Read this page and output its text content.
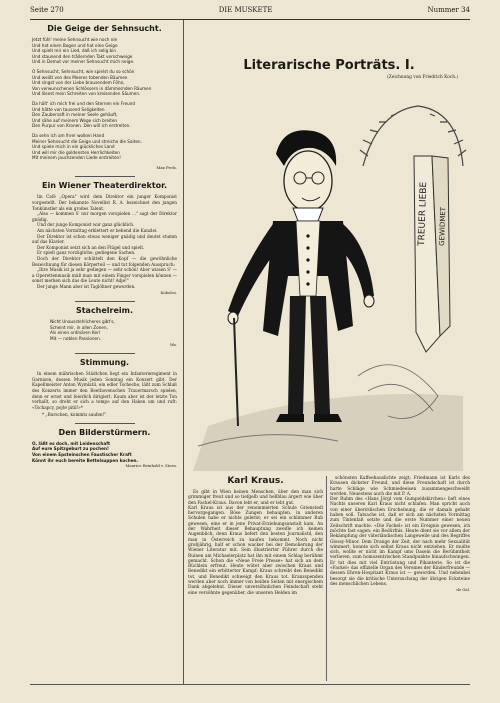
Seite 270	DIE MUSKETE	Nummer 34
Die Geige der Sehnsucht.
Jetzt fühl' meine Sehnsucht wie noch nie
Und hat einen Bogen und hat eine Geige
Und spielt mir ein Lied, daß ich selig bin
Und staunend den trällernden Takt verschweige
Und in Demut vor meiner Sehnsucht mich neige.
O Sehnsucht, Sehnsucht, wie spielst du so schön
Und weißt von des Meeres tobenden Bäumen
Und singst von der Liebe brausendem Föhn,
Von verwunschenen Schlössern in dämmernden Räumen
Und lösest mein Schreiten von kreisenden Säumen.
Da hält' ich mich frei und den Sternen ein Freund
Und hätte von tausend Seligkeiten
Den Zaubersaft in meiner Seele gehäuft,
Und sähe auf meinem Wege sich breiten
Den Purpur von Kronen. Den will ich erstreiten.
Da sehn ich am Ihrer wolken Hand
Meiner Sehnsucht die Geige und streiche die Saiten.
Und spiele mich in ein glückliches Land
Und will mir die goldensten Herrlichkeiten
Mit meinem jauchzenden Liede erstreiten!
Max Prels.
Ein Wiener Theaterdirektor.

Im Café „Opera" wird dem Direktor ein junger Komponist vorgestellt. Der bekannte Novellist R. A. bezeichnet den jungen Tonkünstler als ein großes Talent.

„Also — kommen S' nur morgen vorspielen ..." sagt der Direktor gnädig.

Und der junge Komponist war ganz glücklich.

Am nächsten Vormittag erklettert er behend die Kanzlei.

Der Direktor ist schon etwas weniger gnädig und deutet stumm auf das Klavier.

Der Komponist setzt sich an den Flügel und spielt.

Er spielt ganz vorzügliche, gediegene Sachen.

Doch der Direktor schüttelt den Kopf — die gewöhnliche Bezeichnung für diesen Körperteil — und tut folgenden Ausspruch:

„Ihre Musik ist ja sehr gediegen — sehr schön! Aber wissen S' — a Operettenmusik müß man mit einem Finger vorspielen können — sonst merken sich das die Leute nicht! Adje!"

Der junge Mann aber ist Taglöhner geworden.

Kobolos.
Stachelreim.
Nicht Unausstehlicheres gibt's,
Scheint mir, in allen Zonen,
Als einen ordinären Kerl
Mit — noblen Passionen.
Wa.
Stimmung.

In einem mährischen Städtchen liegt ein Infanterieregiment in Garnison, dessen Musik jeden Sonntag ein Konzert gibt. Der Kapellmeister Anton Wymlatil, ein edler Tscheche, läßt zum Schluß des Konzerts immer den Beethovenschen Trauermarsch spielen, denn er ernst und feierlich dirigiert. Kaum aber ist der letzte Ton verhallt, so dreht er sich a tempo auf den Haken um und ruft: «Tschapcy, pojte pitil!»*

* „Burschen, kommts saufen!"

Den Bilderstürmern.
O, läßt es doch, mit Leidenschaft
Auf eure Spitzgeburt zu pochen!
Von einem Epsteinschen Faustischer Kraft
Könnt ihr euch bereite Bettelsuppen kochen.
Maurice Reinhold v. Stern.
Literarische Porträts. I.
(Zeichnung von Friedrich Koch.)
TREUER LIEBE GEWIDMET
Karl Kraus.
Es gibt in Wien keinen Menschen, über den man sich grimmiger freut und so tiefgelb und hellblau ärgert wie über den Fackel-Kraus. Davon lebt er, und er lebt gut.
Karl Kraus ist aus der renommierten Schule Grienstedl hervorgegangen. Böse Zungen behaupten, in anderen Schulen habe er nichts gelernt; er sei ein schlimmer Bub gewesen, eine er in jene Privat-Erziehungsanstalt kam. An der Wahrheit dieser Behauptung zweifle ich keinen Augenblick, denn Kraus liefert den besten Journalistil, den man in Österreich zu kaufen bekommt. Noch nicht großjährig, half er schon wacker bei der Demolierung der Wiener Literatur mit. Sein illustrierter Führer durch die Ruinen am Michaelerplatz hat ihn mit einem Schlag berühmt gemacht. Schon die «Neue Freie Presse» hat sich an dem Büchlein erfreut. Heute wütet aber zwischen Kraus und Benedikt ein erbitterter Kampf: Kraus schreibt den Benedikt tot, und Benedikt schweigt den Kraus tot. Kranzspenden werden aber noch immer von beiden Seiten mit energischem Dank abgelehnt. Dieser unversöhnlichen Feindschaft steht eine versöhnte gegenüber, die unseren Helden im
schönsten Kaffeehauslichte zeigt; Friedmann ist Karls des Krausen dickster Freund, und diese Freundschaft ist durch harte Schläge wie Schmiedeeisen zusammengeschweißt worden. Neuestens auch die mit P. A.
Der Ruhm des «Hans Jörgl vom Gumpoldskirchen» lieft eines Nachts unseren Karl Kraus nicht schlafen. Man spricht auch von einer überirdischen Erscheinung, die er damals gehabt haben soll. Tatsache ist, daß er sich am nächsten Vormittag zum Tintenfaß setzte und die erste Nummer einer neuen Zeitschrift machte. «Die Fackel» ist ein Ereignis gewesen, ich möchte fast sagen: ein Bedürfnis. Heute dient sie vor allem der Bekämpfung der väterländischen Langeweile und des Begriffes Glossy-Minor. Dem Drange der Zeit, der nach mehr Sexualität wimmert, konnte sich selbst Kraus nicht entziehen. Er mußte sich, wollte er nicht im Kampf ums Dasein die Berühmtheit verlieren, zum homozentrischen Standpunkte hinaufschwingen. Er tat dies mit viel Entrüstung und Pikanterie. So ist die «Fackel» das offizielle Organ des Vereines der Kinderfreunde — dessen Ehren-Hospitant Kraus ist — geworden. Und nebenbei besorgt sie die kritische Untersuchung der übrigen Ecksteine des menschlichen Lebens.
de Gal.
